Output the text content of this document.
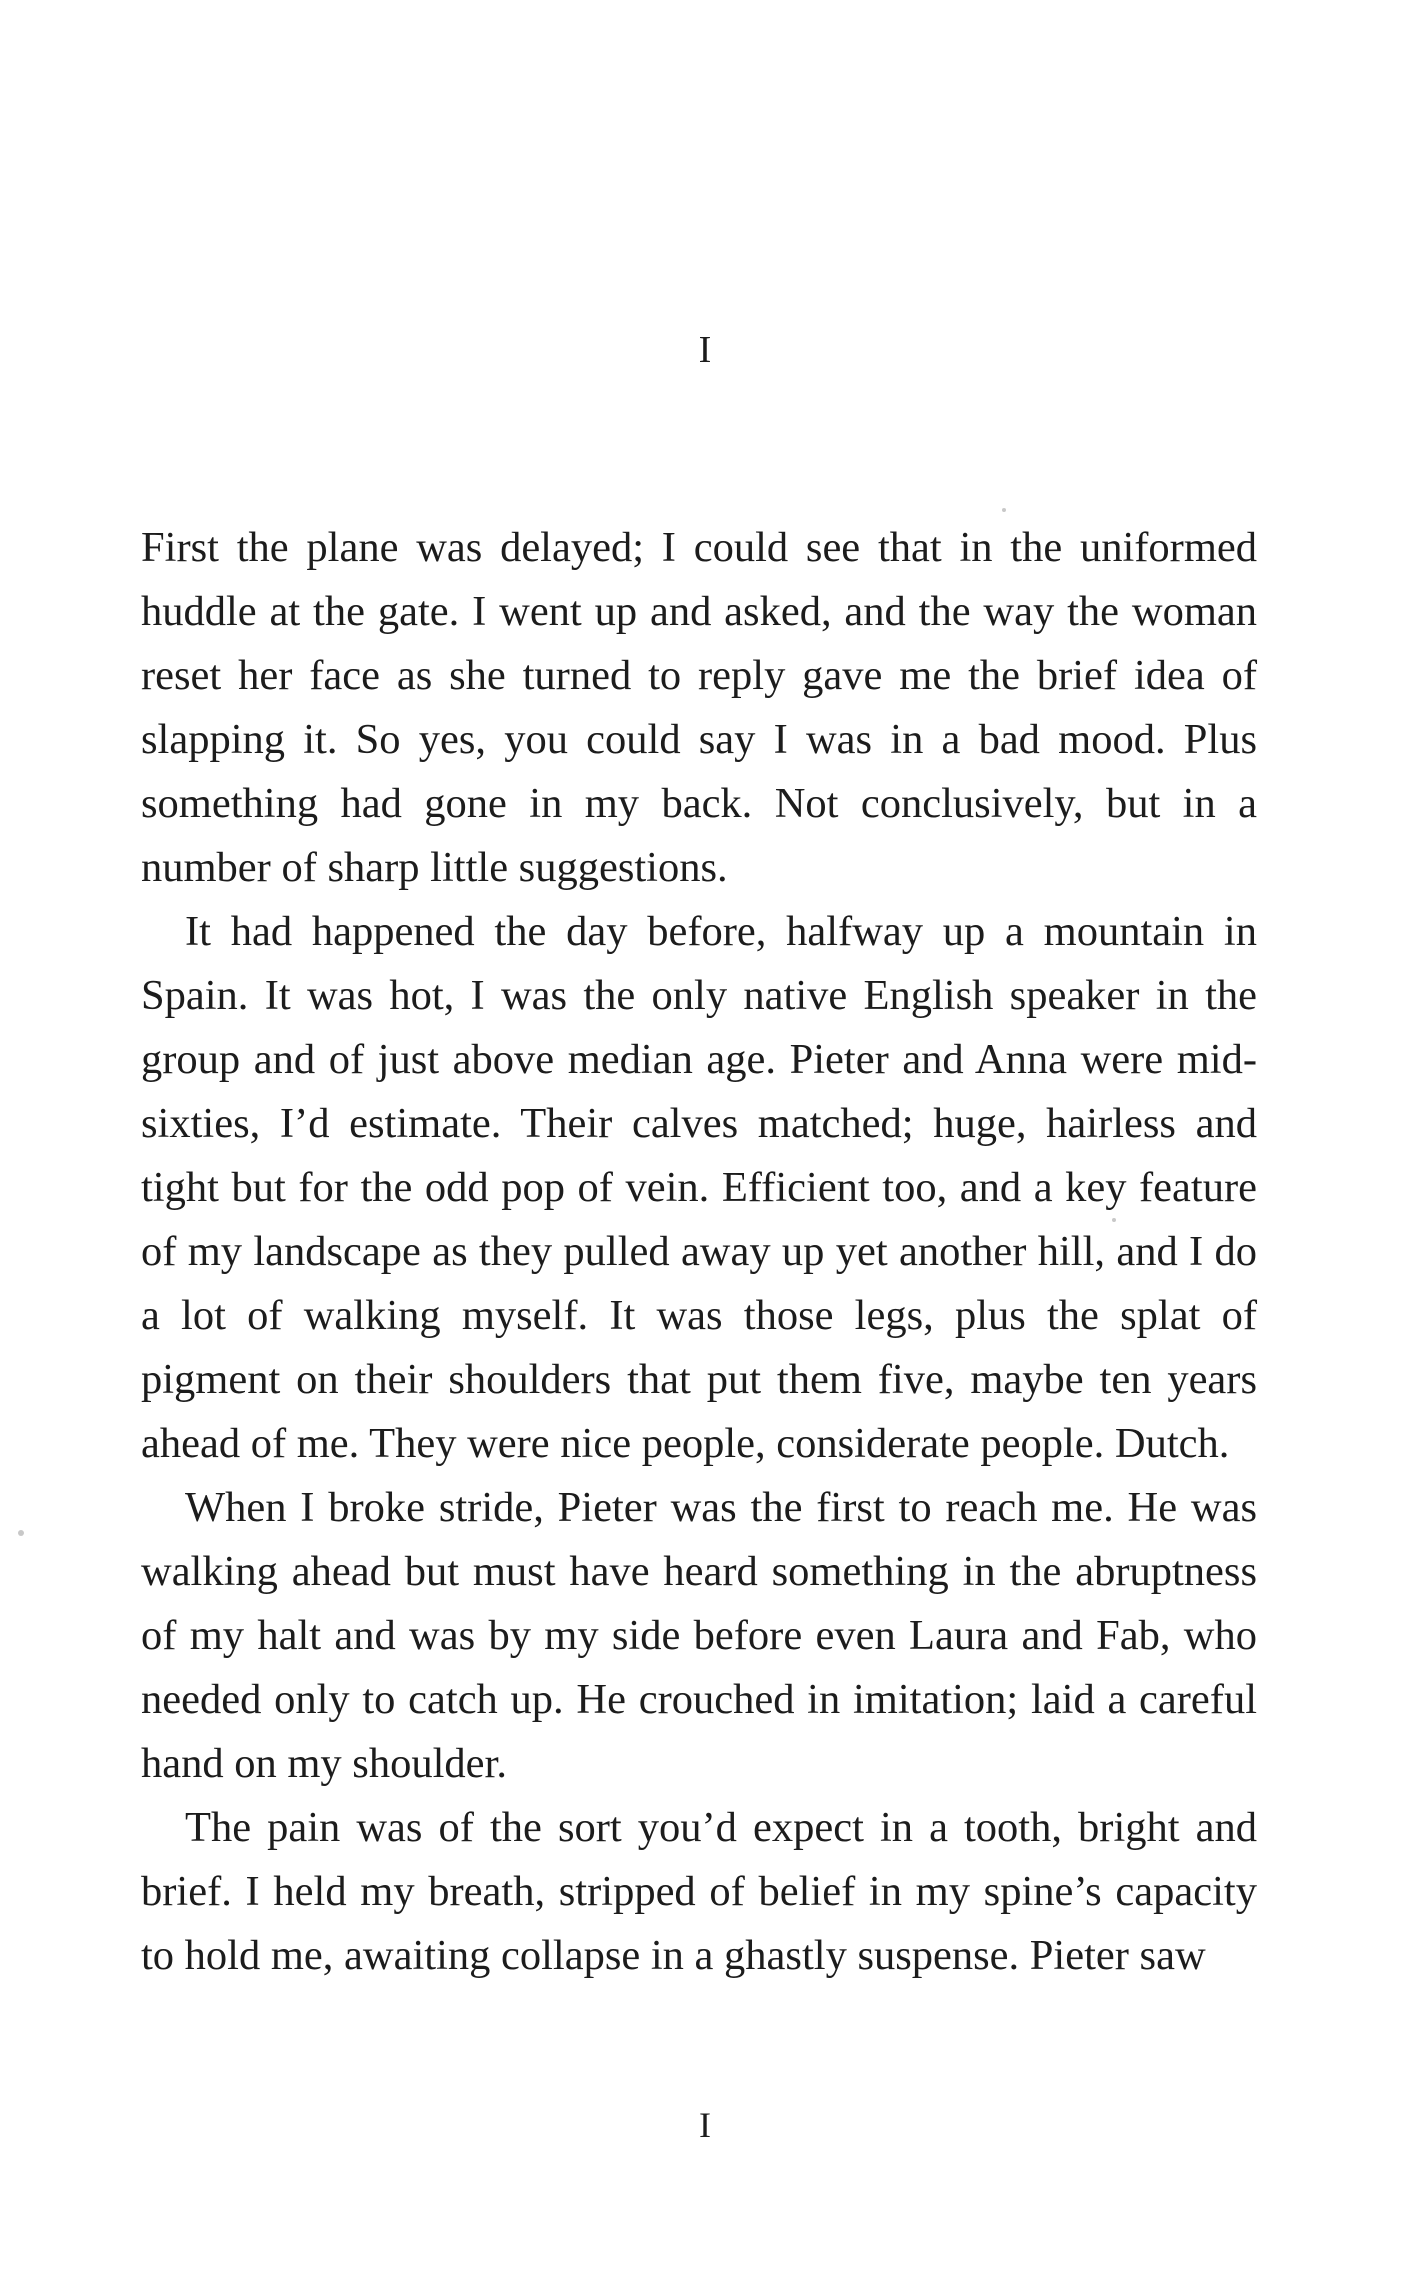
I

First the plane was delayed; I could see that in the uniformed huddle at the gate. I went up and asked, and the way the woman reset her face as she turned to reply gave me the brief idea of slapping it. So yes, you could say I was in a bad mood. Plus something had gone in my back. Not conclusively, but in a number of sharp little suggestions.

It had happened the day before, halfway up a mountain in Spain. It was hot, I was the only native English speaker in the group and of just above median age. Pieter and Anna were mid-sixties, I’d estimate. Their calves matched; huge, hairless and tight but for the odd pop of vein. Efficient too, and a key feature of my landscape as they pulled away up yet another hill, and I do a lot of walking myself. It was those legs, plus the splat of pigment on their shoulders that put them five, maybe ten years ahead of me. They were nice people, considerate people. Dutch.

When I broke stride, Pieter was the first to reach me. He was walking ahead but must have heard something in the abruptness of my halt and was by my side before even Laura and Fab, who needed only to catch up. He crouched in imitation; laid a careful hand on my shoulder.

The pain was of the sort you’d expect in a tooth, bright and brief. I held my breath, stripped of belief in my spine’s capacity to hold me, awaiting collapse in a ghastly suspense. Pieter saw

I
